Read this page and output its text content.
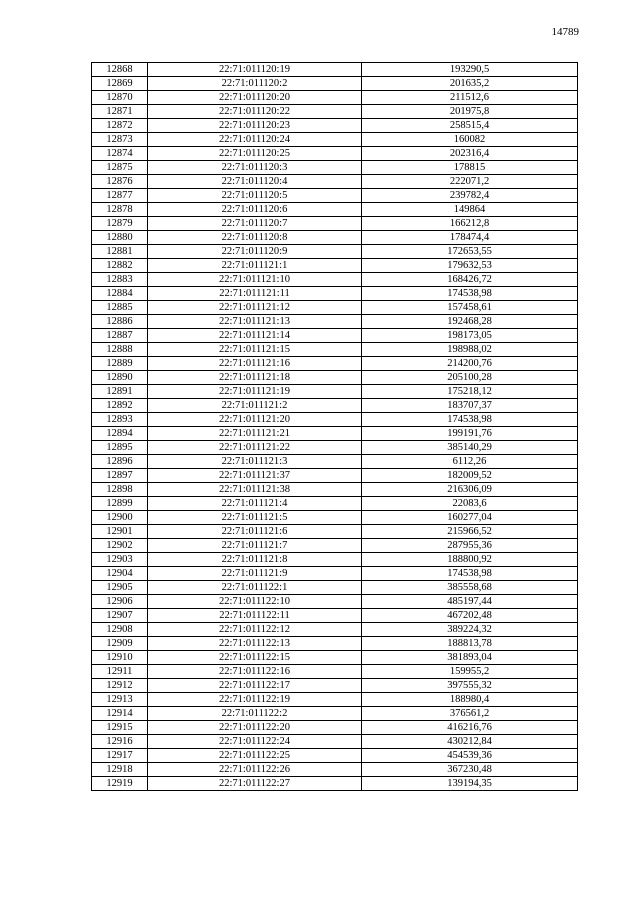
14789
12868	22:71:011120:19	193290,5
12869	22:71:011120:2	201635,2
12870	22:71:011120:20	211512,6
12871	22:71:011120:22	201975,8
12872	22:71:011120:23	258515,4
12873	22:71:011120:24	160082
12874	22:71:011120:25	202316,4
12875	22:71:011120:3	178815
12876	22:71:011120:4	222071,2
12877	22:71:011120:5	239782,4
12878	22:71:011120:6	149864
12879	22:71:011120:7	166212,8
12880	22:71:011120:8	178474,4
12881	22:71:011120:9	172653,55
12882	22:71:011121:1	179632,53
12883	22:71:011121:10	168426,72
12884	22:71:011121:11	174538,98
12885	22:71:011121:12	157458,61
12886	22:71:011121:13	192468,28
12887	22:71:011121:14	198173,05
12888	22:71:011121:15	198988,02
12889	22:71:011121:16	214200,76
12890	22:71:011121:18	205100,28
12891	22:71:011121:19	175218,12
12892	22:71:011121:2	183707,37
12893	22:71:011121:20	174538,98
12894	22:71:011121:21	199191,76
12895	22:71:011121:22	385140,29
12896	22:71:011121:3	6112,26
12897	22:71:011121:37	182009,52
12898	22:71:011121:38	216306,09
12899	22:71:011121:4	22083,6
12900	22:71:011121:5	160277,04
12901	22:71:011121:6	215966,52
12902	22:71:011121:7	287955,36
12903	22:71:011121:8	188800,92
12904	22:71:011121:9	174538,98
12905	22:71:011122:1	385558,68
12906	22:71:011122:10	485197,44
12907	22:71:011122:11	467202,48
12908	22:71:011122:12	389224,32
12909	22:71:011122:13	188813,78
12910	22:71:011122:15	381893,04
12911	22:71:011122:16	159955,2
12912	22:71:011122:17	397555,32
12913	22:71:011122:19	188980,4
12914	22:71:011122:2	376561,2
12915	22:71:011122:20	416216,76
12916	22:71:011122:24	430212,84
12917	22:71:011122:25	454539,36
12918	22:71:011122:26	367230,48
12919	22:71:011122:27	139194,35
